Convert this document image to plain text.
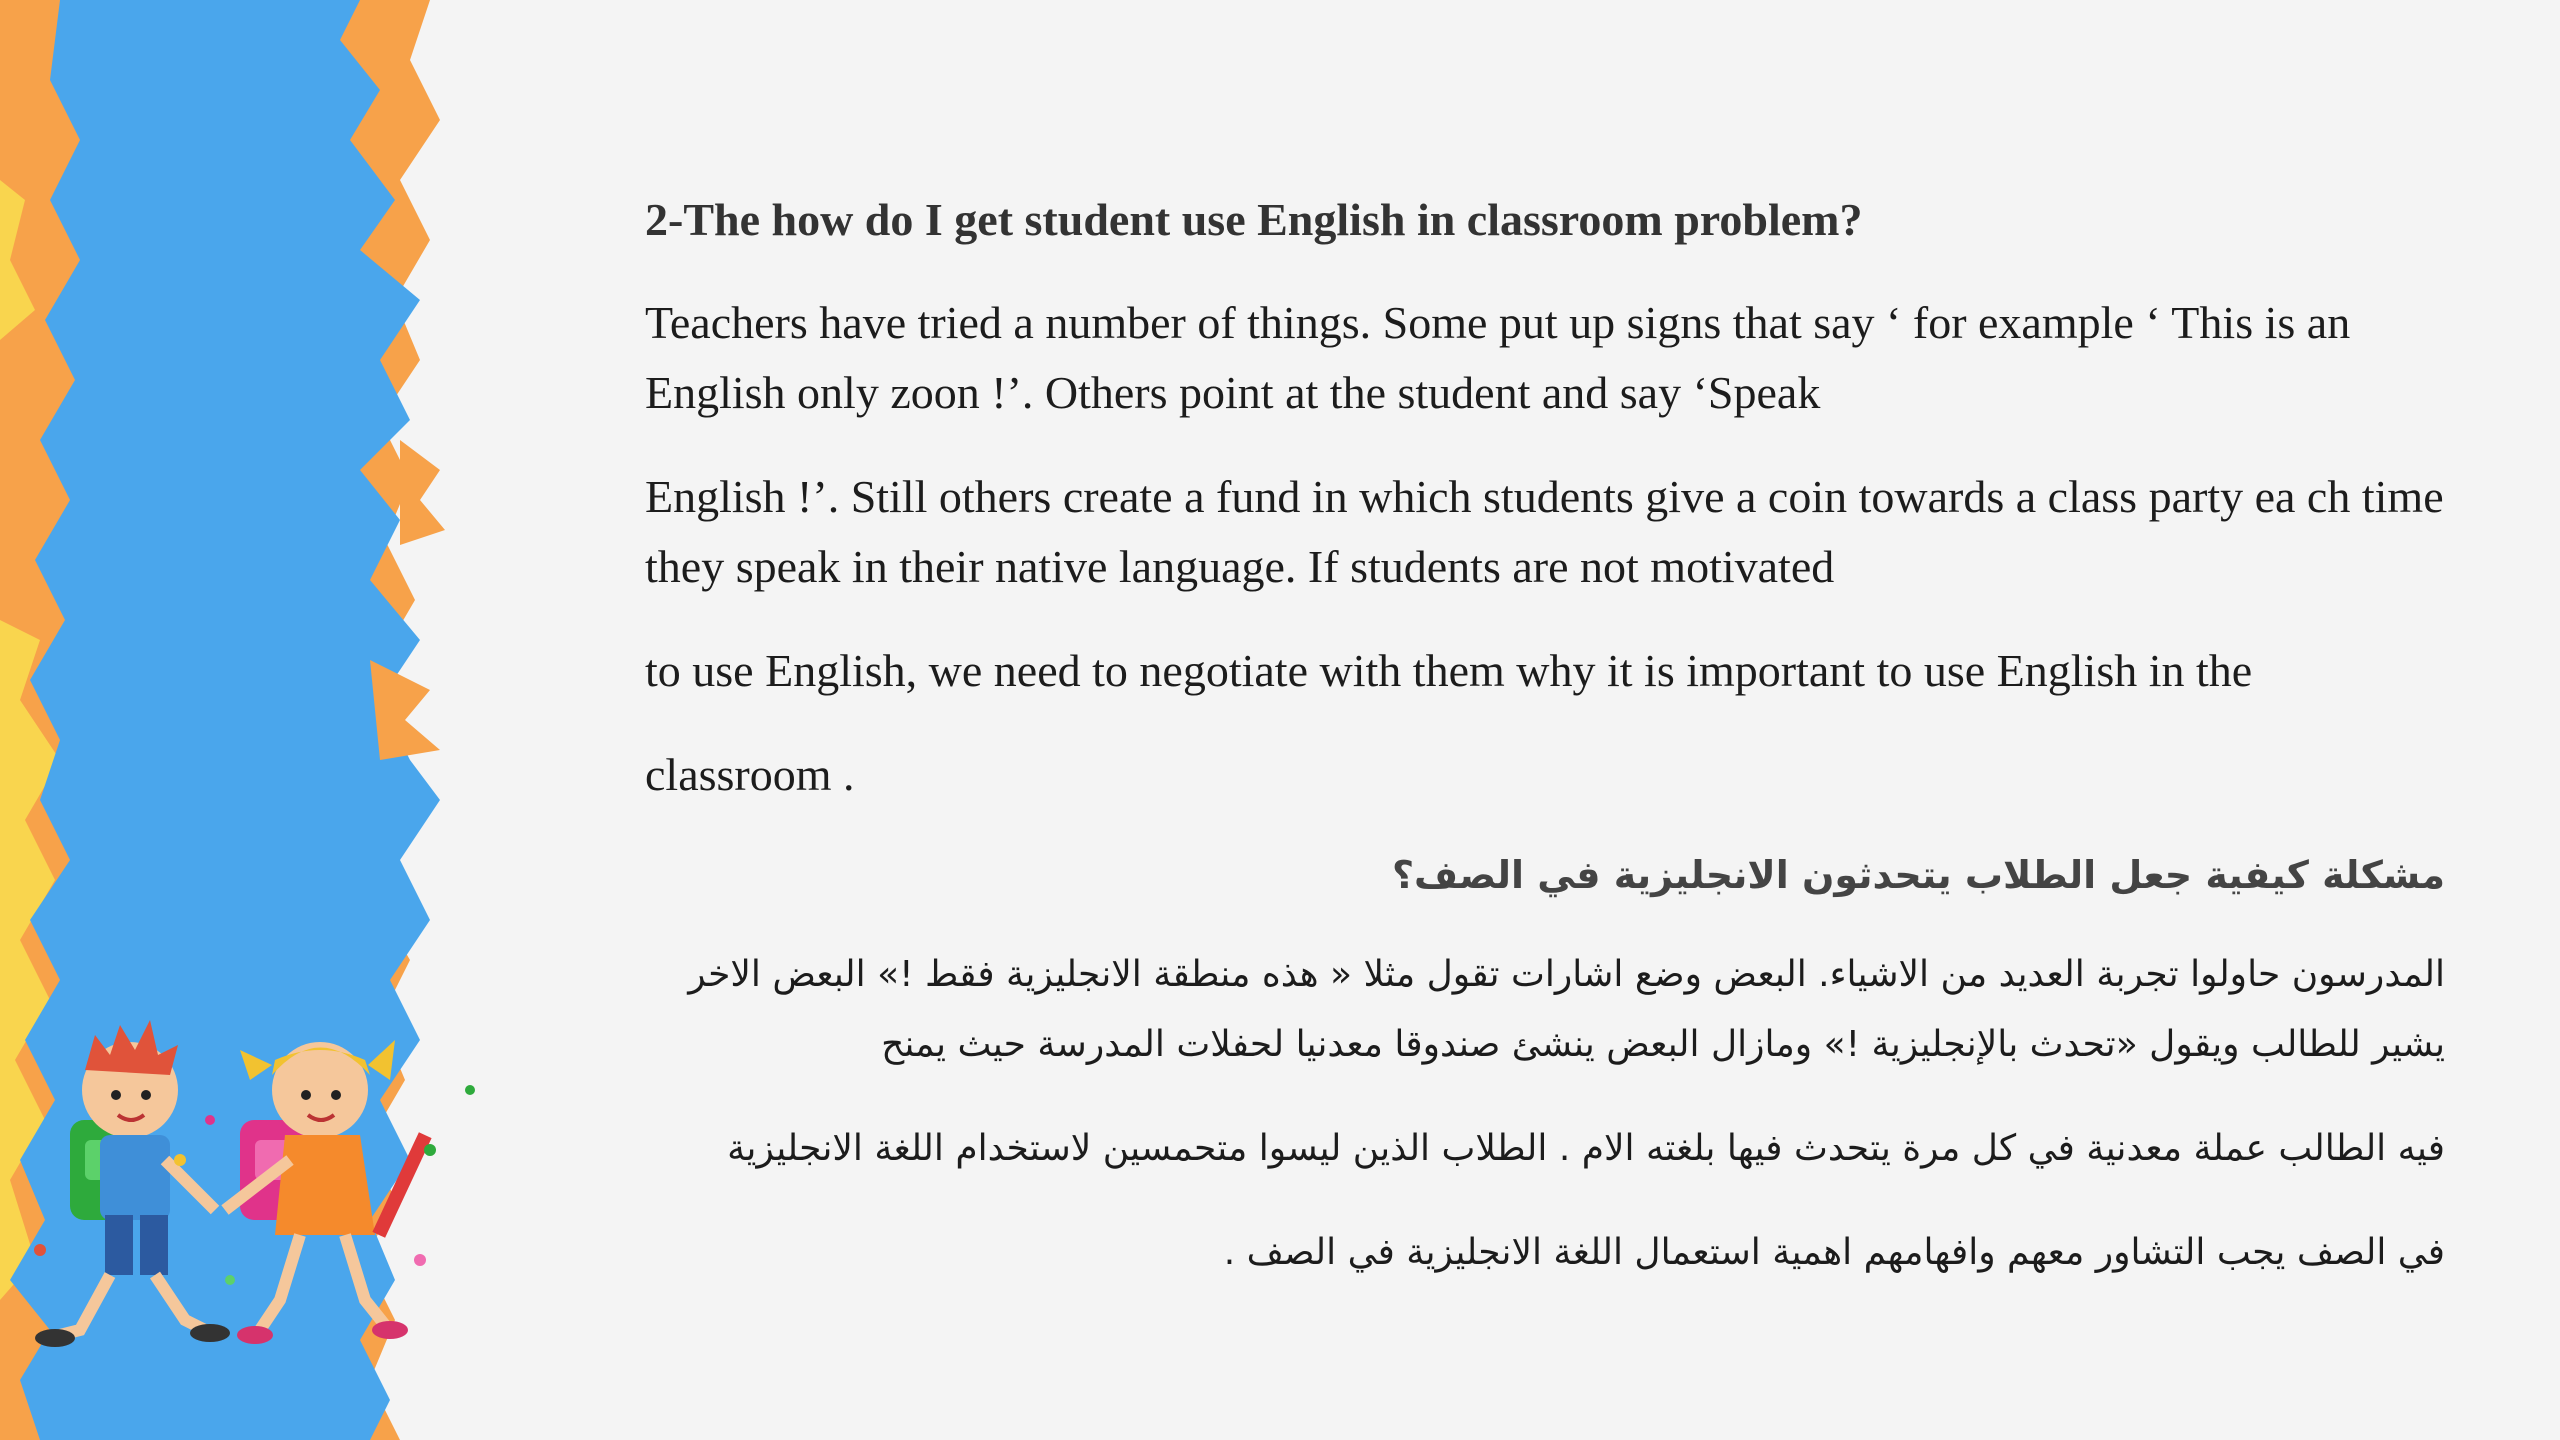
2-The how do I get student use English in classroom problem?

Teachers have tried a number of things. Some put up signs that say ‘ for example ‘ This is an English only zoon !’. Others point at the student and say ‘Speak

English !’. Still others create a fund in which students give a coin towards a class party ea ch time they speak in their native language. If students are not motivated

to use English, we need to negotiate with them why it is important to use English in the

classroom .

مشكلة كيفية جعل الطلاب يتحدثون الانجليزية في الصف؟

المدرسون حاولوا تجربة العديد من الاشياء. البعض وضع اشارات تقول مثلا « هذه منطقة الانجليزية فقط !» البعض الاخر يشير للطالب ويقول «تحدث بالإنجليزية !» ومازال البعض ينشئ صندوقا معدنيا لحفلات المدرسة حيث يمنح

فيه الطالب عملة معدنية في كل مرة يتحدث فيها بلغته الام . الطلاب الذين ليسوا متحمسين لاستخدام اللغة الانجليزية

في الصف يجب التشاور معهم وافهامهم اهمية استعمال اللغة الانجليزية في الصف .
